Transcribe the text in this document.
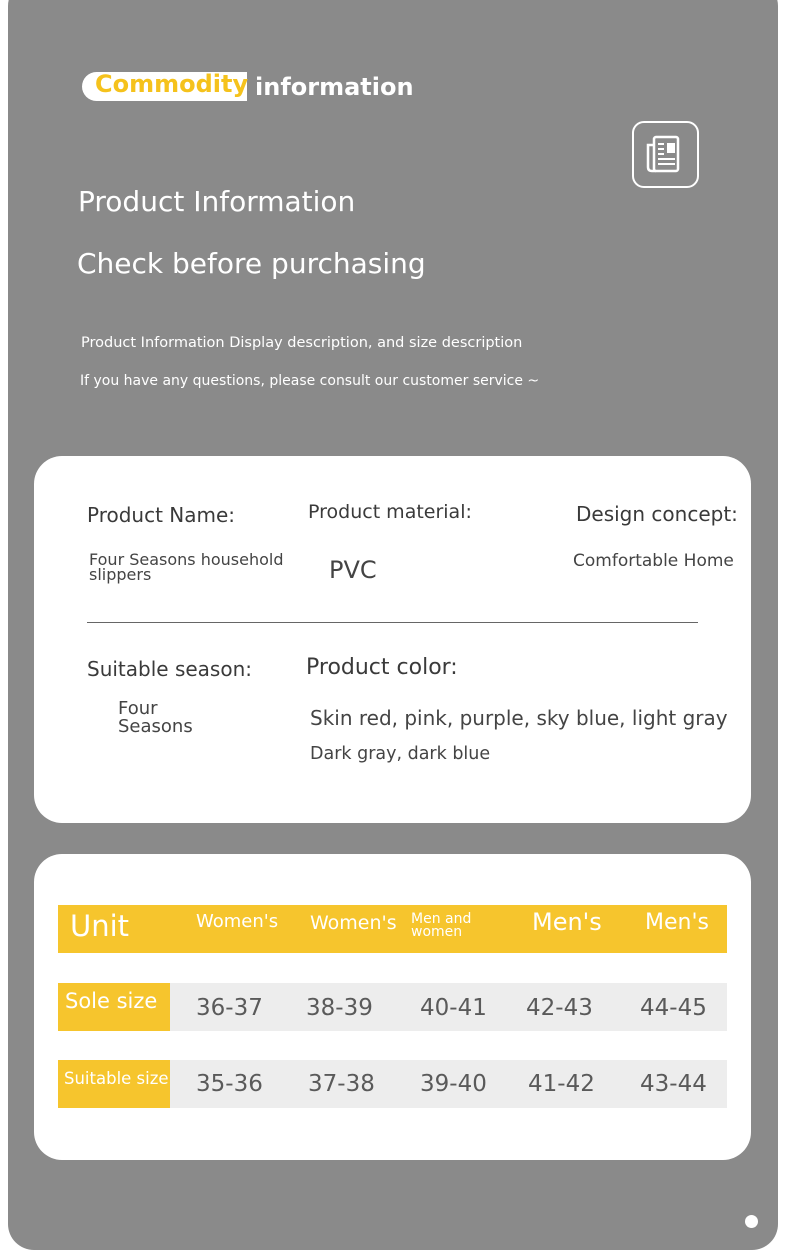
Commodity information
Product Information
Check before purchasing
Product Information Display description, and size description
If you have any questions, please consult our customer service ~
Product Name:
Four Seasons household
slippers
Product material:
PVC
Design concept:
Comfortable Home
Suitable season:
Four
Seasons
Product color:
Skin red, pink, purple, sky blue, light gray
Dark gray, dark blue
Unit	Women's Women's Men and women	Men's Men's
Sole size 36-37 38-39 40-41 42-43 44-45
Suitable size 35-36 37-38 39-40 41-42 43-44
